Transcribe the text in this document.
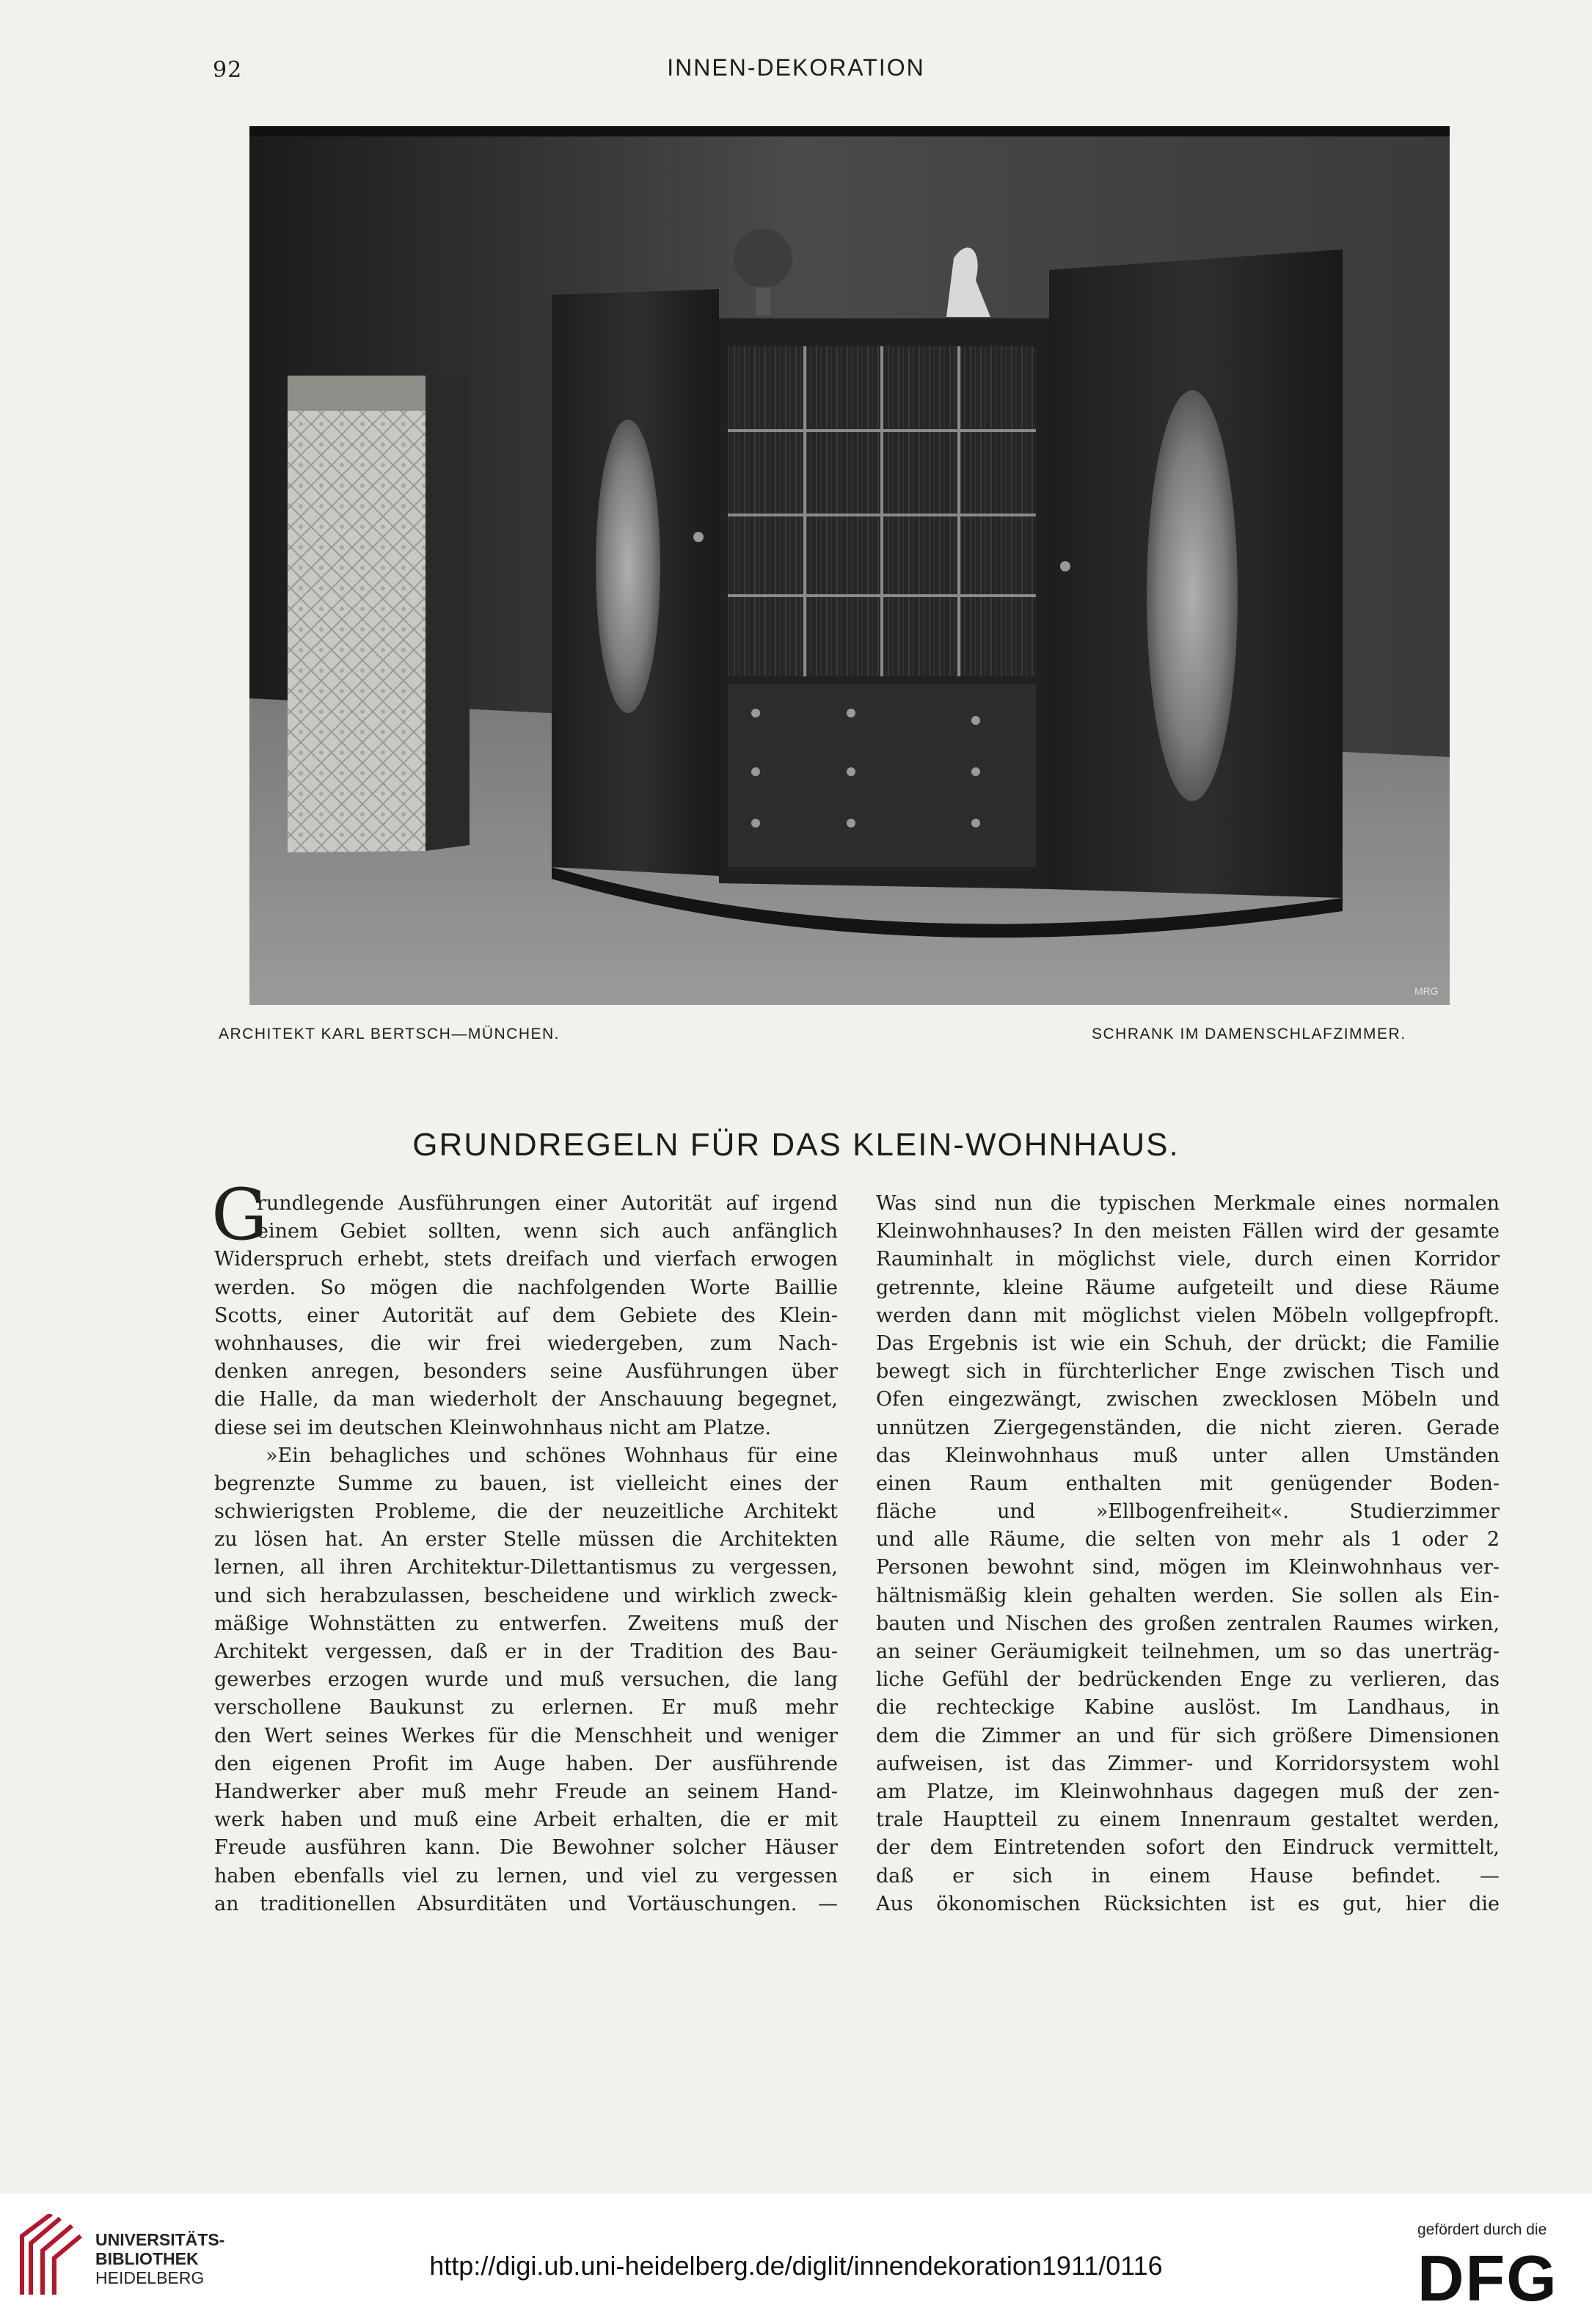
92	INNEN-DEKORATION
MRG
ARCHITEKT KARL BERTSCH—MÜNCHEN.	SCHRANK IM DAMENSCHLAFZIMMER.
GRUNDREGELN FÜR DAS KLEIN-WOHNHAUS.
G
rundlegende Ausführungen einer Autorität auf irgend
einem Gebiet sollten, wenn sich auch anfänglich
Widerspruch erhebt, stets dreifach und vierfach erwogen
werden. So mögen die nachfolgenden Worte Baillie
Scotts, einer Autorität auf dem Gebiete des Klein-
wohnhauses, die wir frei wiedergeben, zum Nach-
denken anregen, besonders seine Ausführungen über
die Halle, da man wiederholt der Anschauung begegnet,
diese sei im deutschen Kleinwohnhaus nicht am Platze.
»Ein behagliches und schönes Wohnhaus für eine
begrenzte Summe zu bauen, ist vielleicht eines der
schwierigsten Probleme, die der neuzeitliche Architekt
zu lösen hat. An erster Stelle müssen die Architekten
lernen, all ihren Architektur-Dilettantismus zu vergessen,
und sich herabzulassen, bescheidene und wirklich zweck-
mäßige Wohnstätten zu entwerfen. Zweitens muß der
Architekt vergessen, daß er in der Tradition des Bau-
gewerbes erzogen wurde und muß versuchen, die lang
verschollene Baukunst zu erlernen. Er muß mehr
den Wert seines Werkes für die Menschheit und weniger
den eigenen Profit im Auge haben. Der ausführende
Handwerker aber muß mehr Freude an seinem Hand-
werk haben und muß eine Arbeit erhalten, die er mit
Freude ausführen kann. Die Bewohner solcher Häuser
haben ebenfalls viel zu lernen, und viel zu vergessen
an traditionellen Absurditäten und Vortäuschungen. —
Was sind nun die typischen Merkmale eines normalen
Kleinwohnhauses? In den meisten Fällen wird der gesamte
Rauminhalt in möglichst viele, durch einen Korridor
getrennte, kleine Räume aufgeteilt und diese Räume
werden dann mit möglichst vielen Möbeln vollgepfropft.
Das Ergebnis ist wie ein Schuh, der drückt; die Familie
bewegt sich in fürchterlicher Enge zwischen Tisch und
Ofen eingezwängt, zwischen zwecklosen Möbeln und
unnützen Ziergegenständen, die nicht zieren. Gerade
das Kleinwohnhaus muß unter allen Umständen
einen Raum enthalten mit genügender Boden-
fläche und »Ellbogenfreiheit«. Studierzimmer
und alle Räume, die selten von mehr als 1 oder 2
Personen bewohnt sind, mögen im Kleinwohnhaus ver-
hältnismäßig klein gehalten werden. Sie sollen als Ein-
bauten und Nischen des großen zentralen Raumes wirken,
an seiner Geräumigkeit teilnehmen, um so das unerträg-
liche Gefühl der bedrückenden Enge zu verlieren, das
die rechteckige Kabine auslöst. Im Landhaus, in
dem die Zimmer an und für sich größere Dimensionen
aufweisen, ist das Zimmer- und Korridorsystem wohl
am Platze, im Kleinwohnhaus dagegen muß der zen-
trale Hauptteil zu einem Innenraum gestaltet werden,
der dem Eintretenden sofort den Eindruck vermittelt,
daß er sich in einem Hause befindet. —
Aus ökonomischen Rücksichten ist es gut, hier die
UNIVERSITÄTS-
BIBLIOTHEK
HEIDELBERG	http://digi.ub.uni-heidelberg.de/diglit/innendekoration1911/0116
gefördert durch die
DFG
